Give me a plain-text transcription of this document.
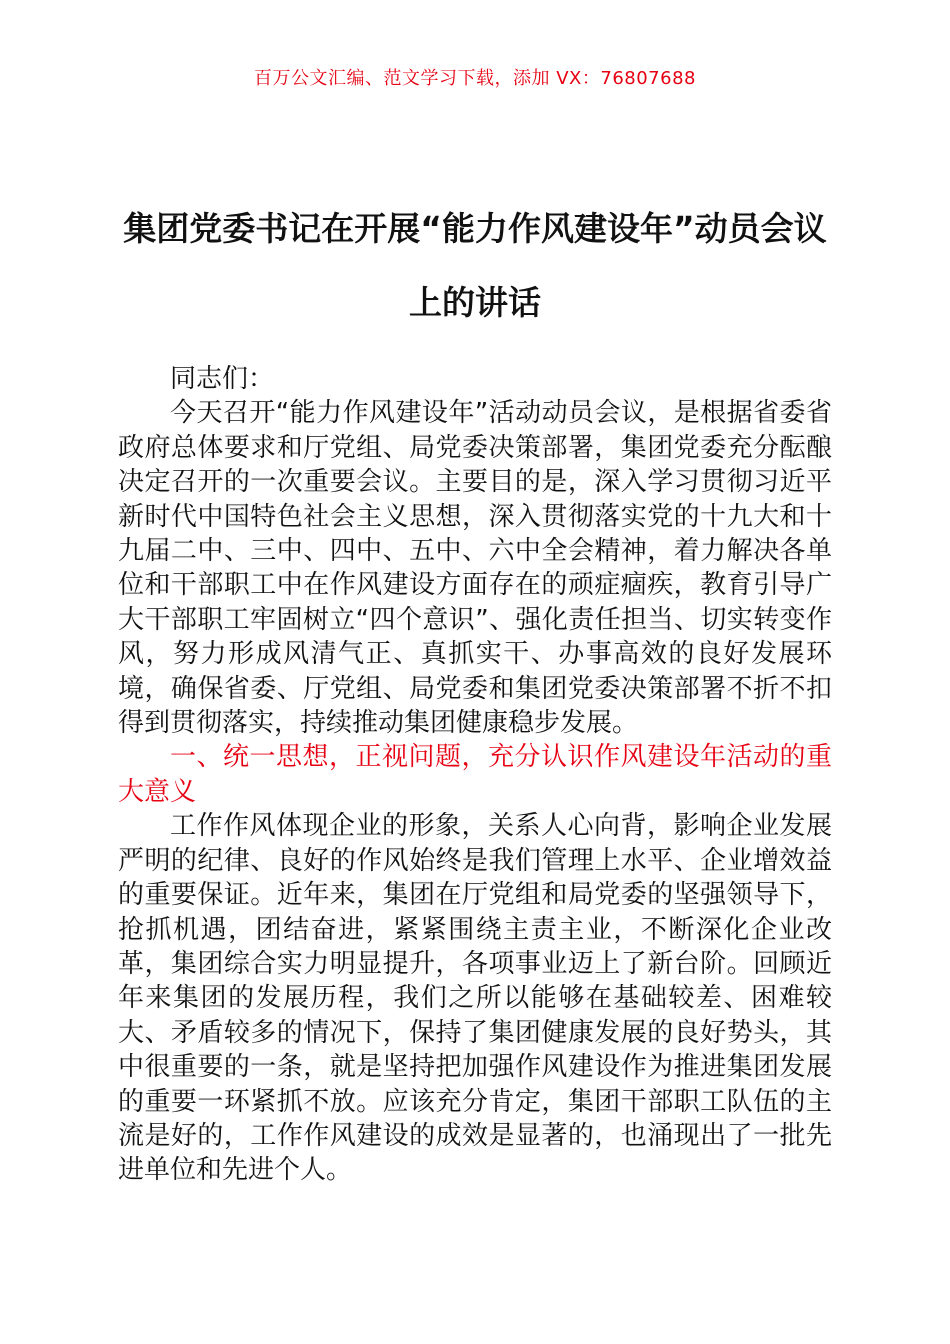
百万公文汇编、范文学习下载，添加 VX：76807688
集团党委书记在开展“能力作风建设年”动员会议上的讲话

同志们：

今天召开“能力作风建设年”活动动员会议，是根据省委省政府总体要求和厅党组、局党委决策部署，集团党委充分酝酿决定召开的一次重要会议。主要目的是，深入学习贯彻习近平新时代中国特色社会主义思想，深入贯彻落实党的十九大和十九届二中、三中、四中、五中、六中全会精神，着力解决各单位和干部职工中在作风建设方面存在的顽症痼疾，教育引导广大干部职工牢固树立“四个意识”、强化责任担当、切实转变作风，努力形成风清气正、真抓实干、办事高效的良好发展环境，确保省委、厅党组、局党委和集团党委决策部署不折不扣得到贯彻落实，持续推动集团健康稳步发展。

一、统一思想，正视问题，充分认识作风建设年活动的重大意义

工作作风体现企业的形象，关系人心向背，影响企业发展严明的纪律、良好的作风始终是我们管理上水平、企业增效益的重要保证。近年来，集团在厅党组和局党委的坚强领导下，抢抓机遇，团结奋进，紧紧围绕主责主业，不断深化企业改革，集团综合实力明显提升，各项事业迈上了新台阶。回顾近年来集团的发展历程，我们之所以能够在基础较差、困难较大、矛盾较多的情况下，保持了集团健康发展的良好势头，其中很重要的一条，就是坚持把加强作风建设作为推进集团发展的重要一环紧抓不放。应该充分肯定，集团干部职工队伍的主流是好的，工作作风建设的成效是显著的，也涌现出了一批先进单位和先进个人。
